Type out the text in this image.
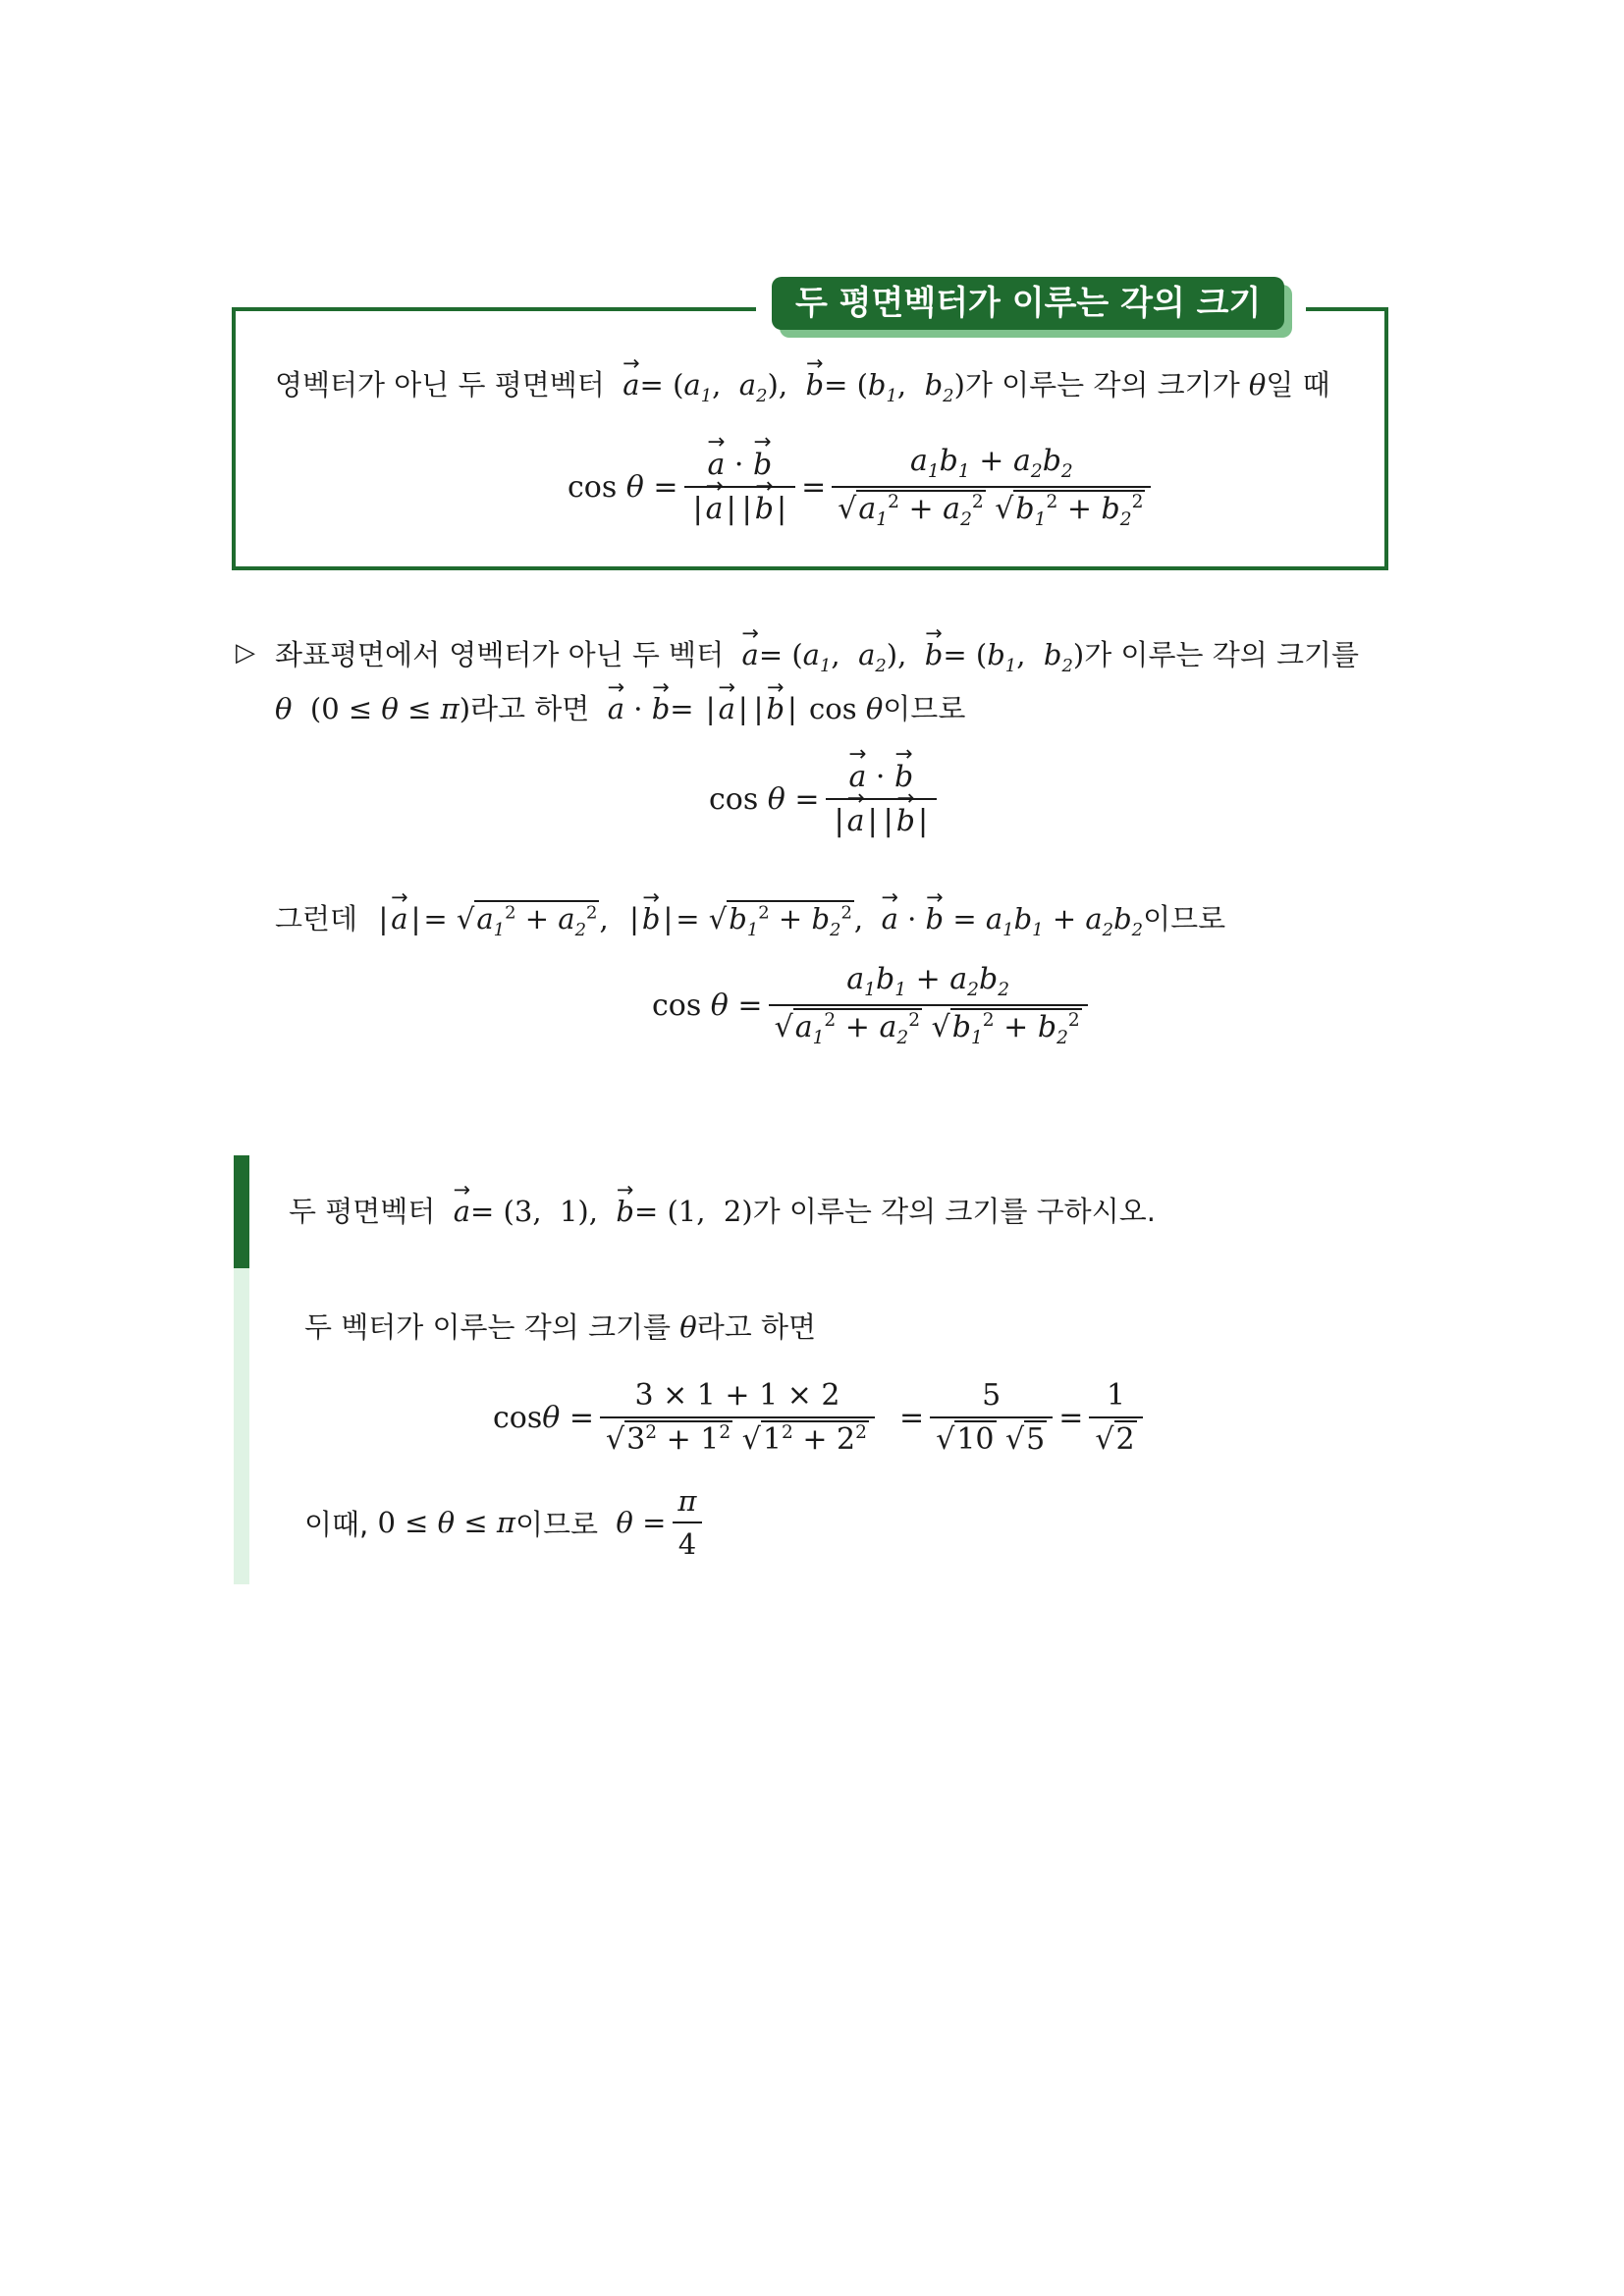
두 평면벡터가 이루는 각의 크기
영벡터가 아닌 두 평면벡터 → $a= (a_1$,  $a_2$),  → $b= (b_1$,  $b_2$)가 이루는 각의 크기가 θ일 때
cos θ = → $\frac{a \cdot \to b}{| \to a | | \to b |} = \frac{a_1b_1 + a_2b_2}{√a_1^2 + a_2^2 √b_1^2 + b_2^2}$
▷ 좌표평면에서 영벡터가 아닌 두 벡터 → $a= (a_1$,  $a_2$),  → $b= (b_1$,  $b_2$)가 이루는 각의 크기를
θ  (0 ≤ θ ≤ π)라고 하면 → a · → b= | → a | | → b | cos θ이므로
cos θ = → $\frac{a \cdot \to b}{| \to a | | \to b |}$
그런데 | → a | = $√a_1^2 + a_2^2$,  | → b | = $√b_1^2 + b_2^2$,  → a · → $b = a_1b_1 + a_2b_2$이므로
$\cos \theta = \frac{a_1b_1 + a_2b_2}{√a_1^2 + a_2^2 √b_1^2 + b_2^2}$
두 평면벡터 → a= (3,  1),  → b= (1,  2)가 이루는 각의 크기를 구하시오.
두 벡터가 이루는 각의 크기를 θ라고 하면
$\cos \theta = \frac{3 \times 1 + 1 \times 2}{√3^2 + 1^2 √1^2 + 2^2} = \frac{5}{√10 √5} = \frac{1}{√2}$
이때, 0 ≤ θ ≤ π 이므로 $\theta = \frac{\pi}{4}$
